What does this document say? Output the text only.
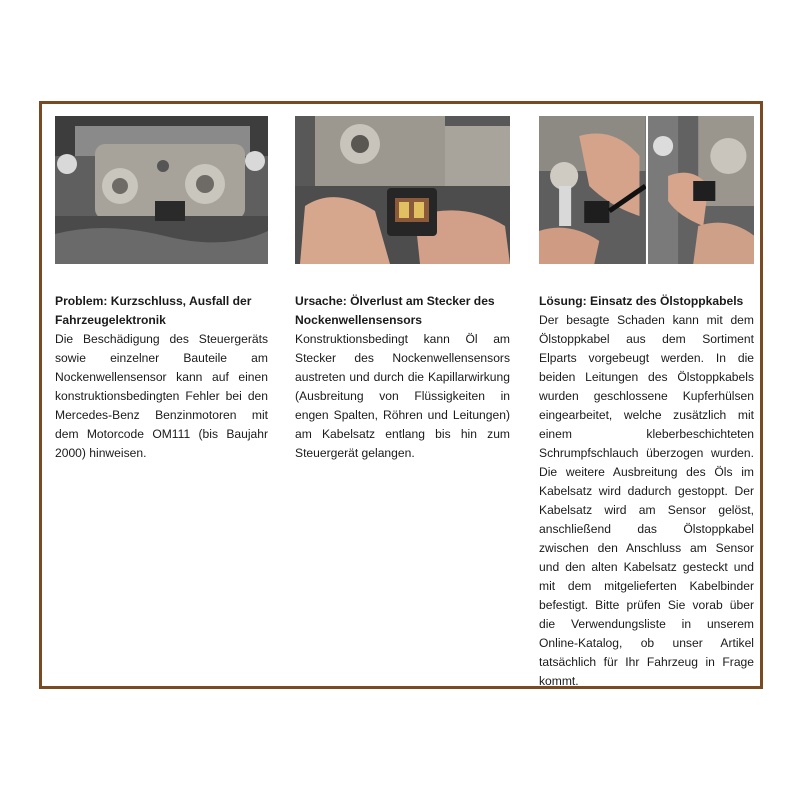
Problem: Kurzschluss, Ausfall der Fahrzeugelektronik

Die Beschädigung des Steuergeräts sowie einzelner Bauteile am Nockenwellensensor kann auf einen konstruktionsbedingten Fehler bei den Mercedes-Benz Benzinmotoren mit dem Motorcode OM111 (bis Baujahr 2000) hinweisen.

Ursache: Ölverlust am Stecker des Nockenwellensensors

Konstruktionsbedingt kann Öl am Stecker des Nockenwellensensors austreten und durch die Kapillarwirkung (Ausbreitung von Flüssigkeiten in engen Spalten, Röhren und Leitungen) am Kabelsatz entlang bis hin zum Steuergerät gelangen.

Lösung: Einsatz des Ölstoppkabels

Der besagte Schaden kann mit dem Ölstoppkabel aus dem Sortiment Elparts vorgebeugt werden. In die beiden Leitungen des Ölstoppkabels wurden geschlossene Kupferhülsen eingearbeitet, welche zusätzlich mit einem kleberbeschichteten Schrumpfschlauch überzogen wurden. Die weitere Ausbreitung des Öls im Kabelsatz wird dadurch gestoppt. Der Kabelsatz wird am Sensor gelöst, anschließend das Ölstoppkabel zwischen den Anschluss am Sensor und den alten Kabelsatz gesteckt und mit dem mitgelieferten Kabelbinder befestigt. Bitte prüfen Sie vorab über die Verwendungsliste in unserem Online-Katalog, ob unser Artikel tatsächlich für Ihr Fahrzeug in Frage kommt.
